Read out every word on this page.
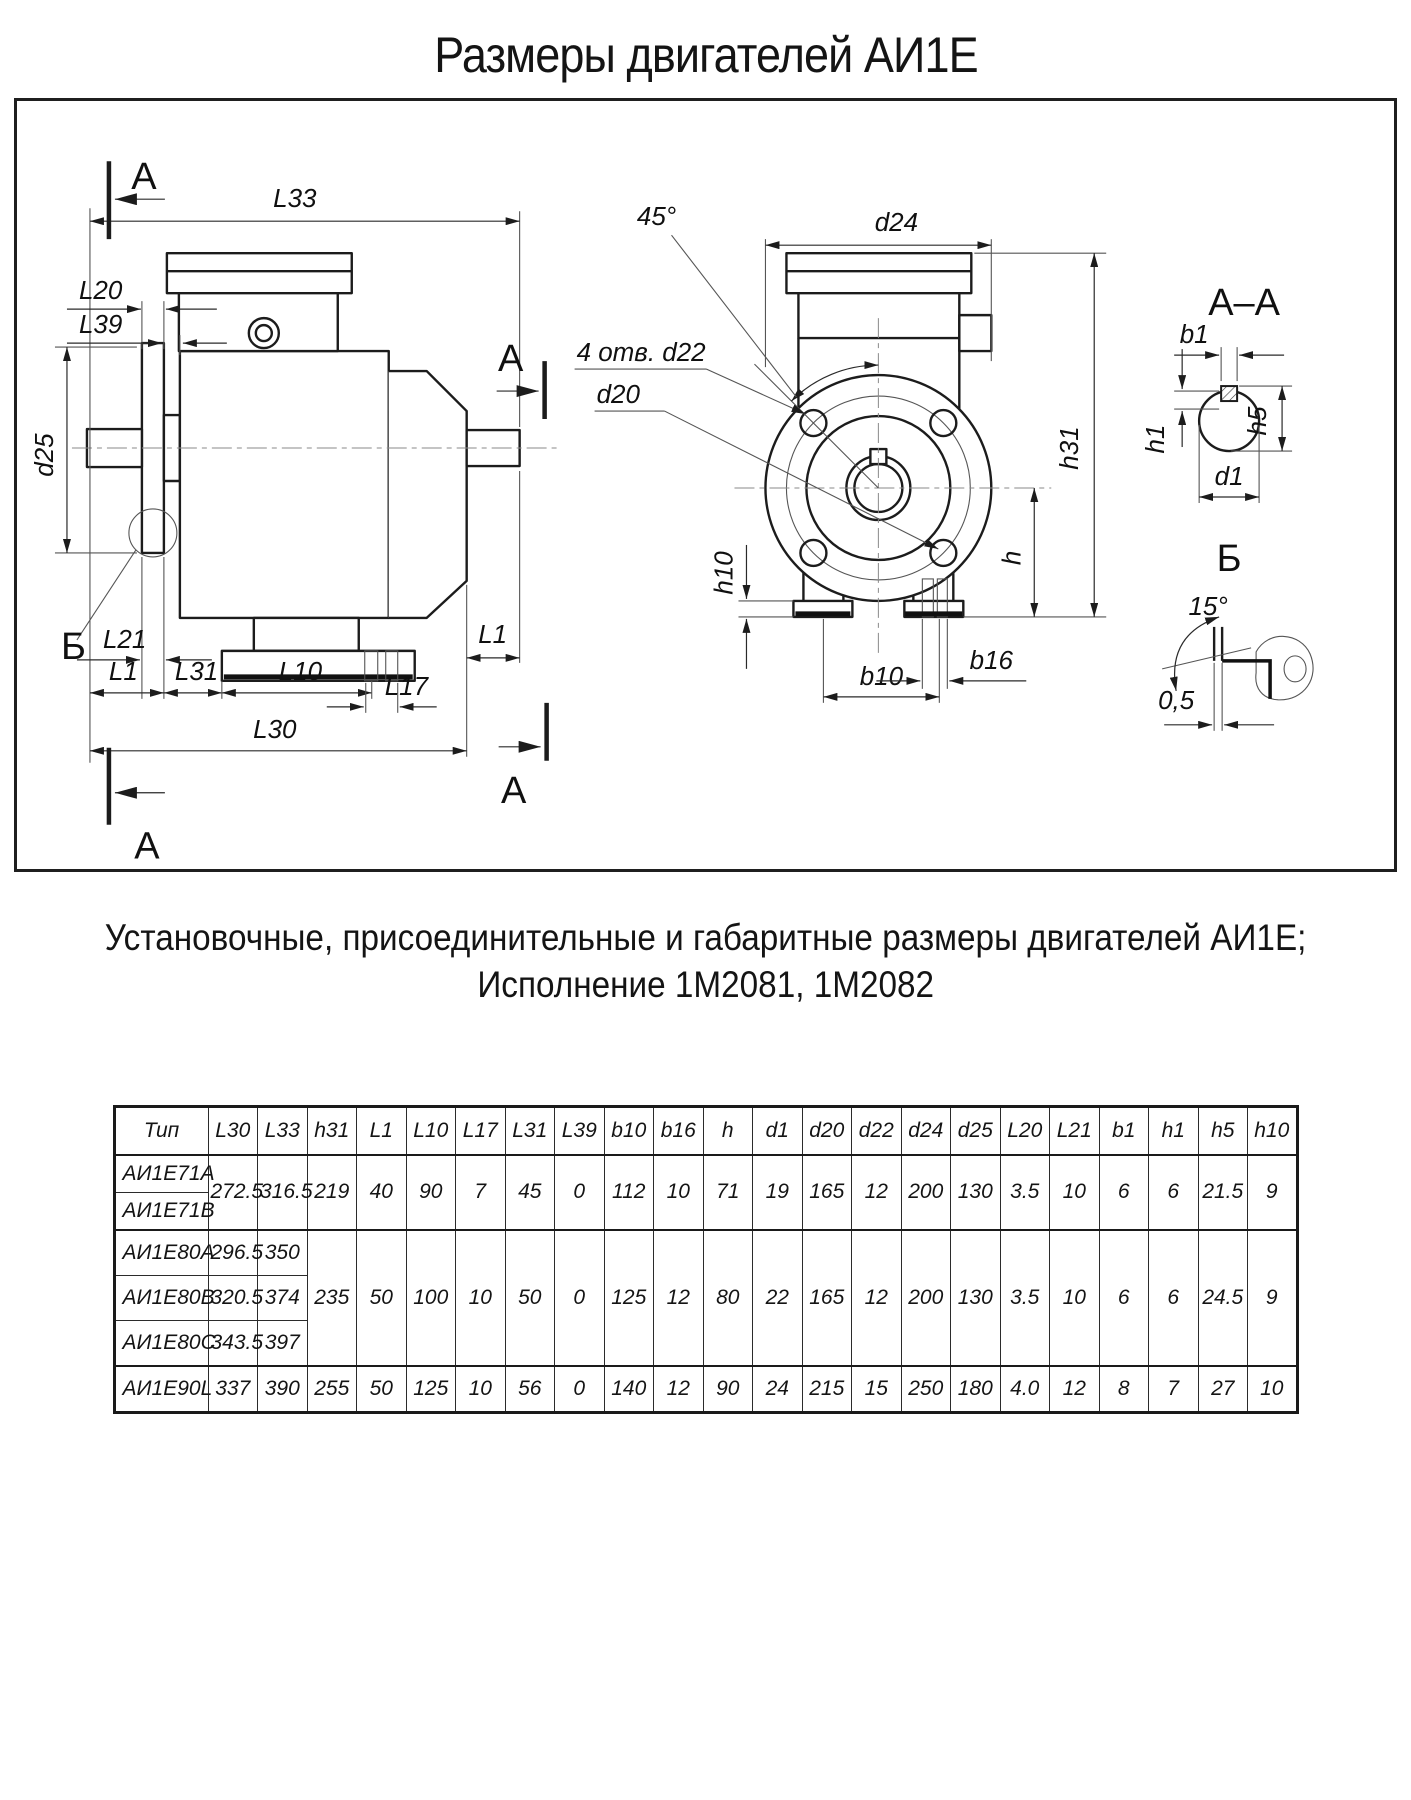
Размеры двигателей АИ1Е
Б
d25
L33
L20
L39
L21
L1 L31 L10 L17
L30
L1
А
А
А
А
d24
45°
4 отв. d22
d20
h10
b10
b16
h
h31
А–А
b1
h1
h5
d1
Б
15°
0,5
Установочные, присоединительные и габаритные размеры двигателей АИ1Е;
Исполнение 1М2081, 1М2082
Тип	L30	L33	h31	L1	L10	L17	L31	L39	b10	b16	h	d1	d20	d22	d24	d25	L20	L21	b1	h1	h5	h10
АИ1Е71А	272.5	316.5	219	40	90	7	45	0	112	10	71	19	165	12	200	130	3.5	10	6	6	21.5	9
АИ1Е71В																						
АИ1Е80А	296.5	350	235	50	100	10	50	0	125	12	80	22	165	12	200	130	3.5	10	6	6	24.5	9
АИ1Е80В	320.5	374																				
АИ1Е80С	343.5	397																				
АИ1Е90L	337	390	255	50	125	10	56	0	140	12	90	24	215	15	250	180	4.0	12	8	7	27	10
